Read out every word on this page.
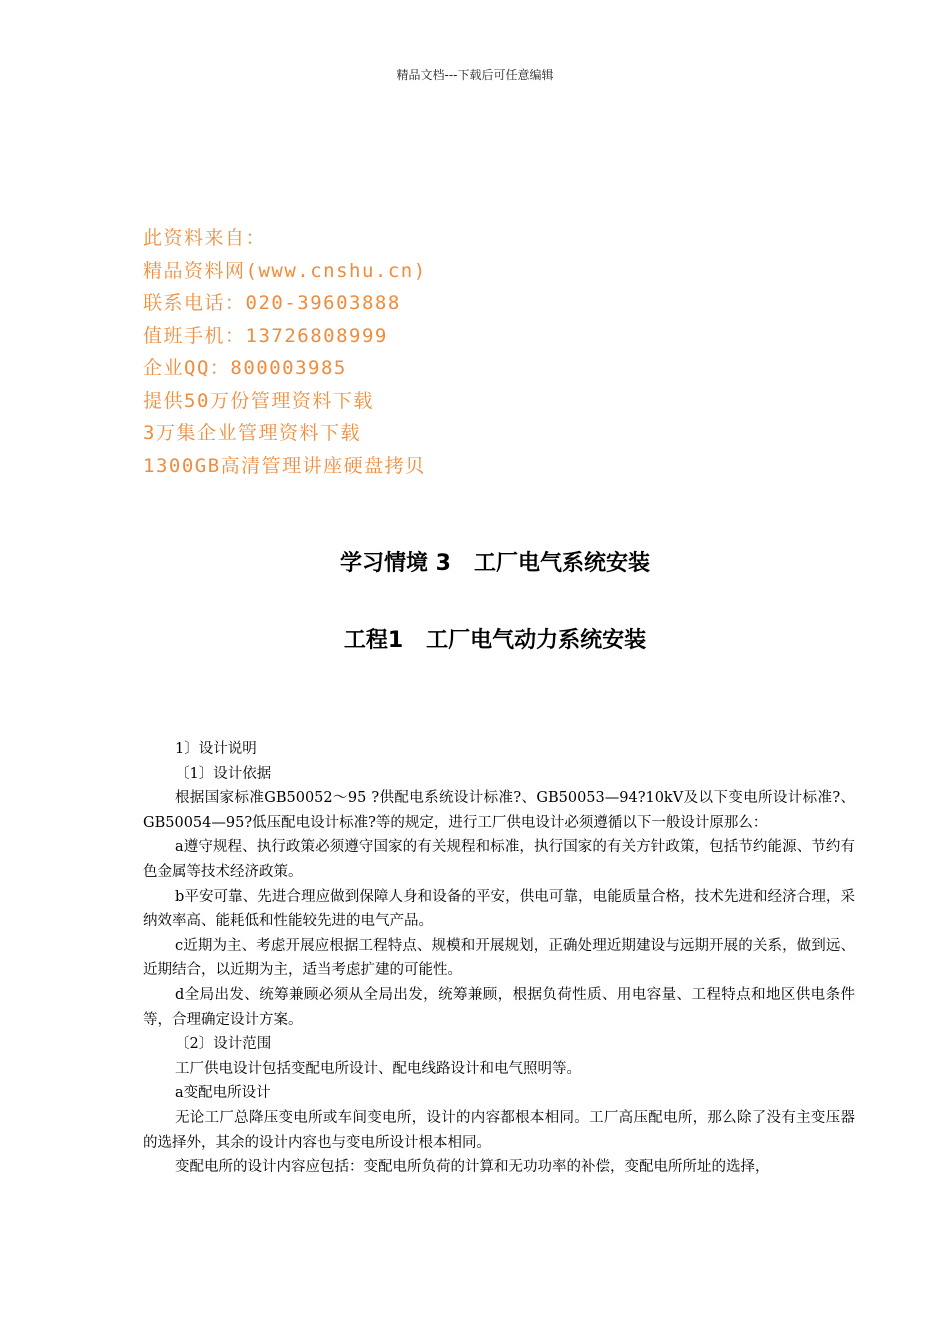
精品文档---下载后可任意编辑
此资料来自：
精品资料网(www.cnshu.cn)
联系电话：020-39603888
值班手机：13726808999
企业QQ：800003985
提供50万份管理资料下载
3万集企业管理资料下载
1300GB高清管理讲座硬盘拷贝
学习情境 3   工厂电气系统安装
工程1   工厂电气动力系统安装

1〕设计说明

〔1〕设计依据

根据国家标准GB50052～95 ?供配电系统设计标准?、GB50053—94?10kV及以下变电所设计标准?、GB50054—95?低压配电设计标准?等的规定，进行工厂供电设计必须遵循以下一般设计原那么：

a遵守规程、执行政策必须遵守国家的有关规程和标准，执行国家的有关方针政策，包括节约能源、节约有色金属等技术经济政策。

b平安可靠、先进合理应做到保障人身和设备的平安，供电可靠，电能质量合格，技术先进和经济合理，采纳效率高、能耗低和性能较先进的电气产品。

c近期为主、考虑开展应根据工程特点、规模和开展规划，正确处理近期建设与远期开展的关系，做到远、近期结合，以近期为主，适当考虑扩建的可能性。

d全局出发、统筹兼顾必须从全局出发，统筹兼顾，根据负荷性质、用电容量、工程特点和地区供电条件等，合理确定设计方案。

〔2〕设计范围

工厂供电设计包括变配电所设计、配电线路设计和电气照明等。

a变配电所设计

无论工厂总降压变电所或车间变电所，设计的内容都根本相同。工厂高压配电所，那么除了没有主变压器的选择外，其余的设计内容也与变电所设计根本相同。

变配电所的设计内容应包括：变配电所负荷的计算和无功功率的补偿，变配电所所址的选择，
